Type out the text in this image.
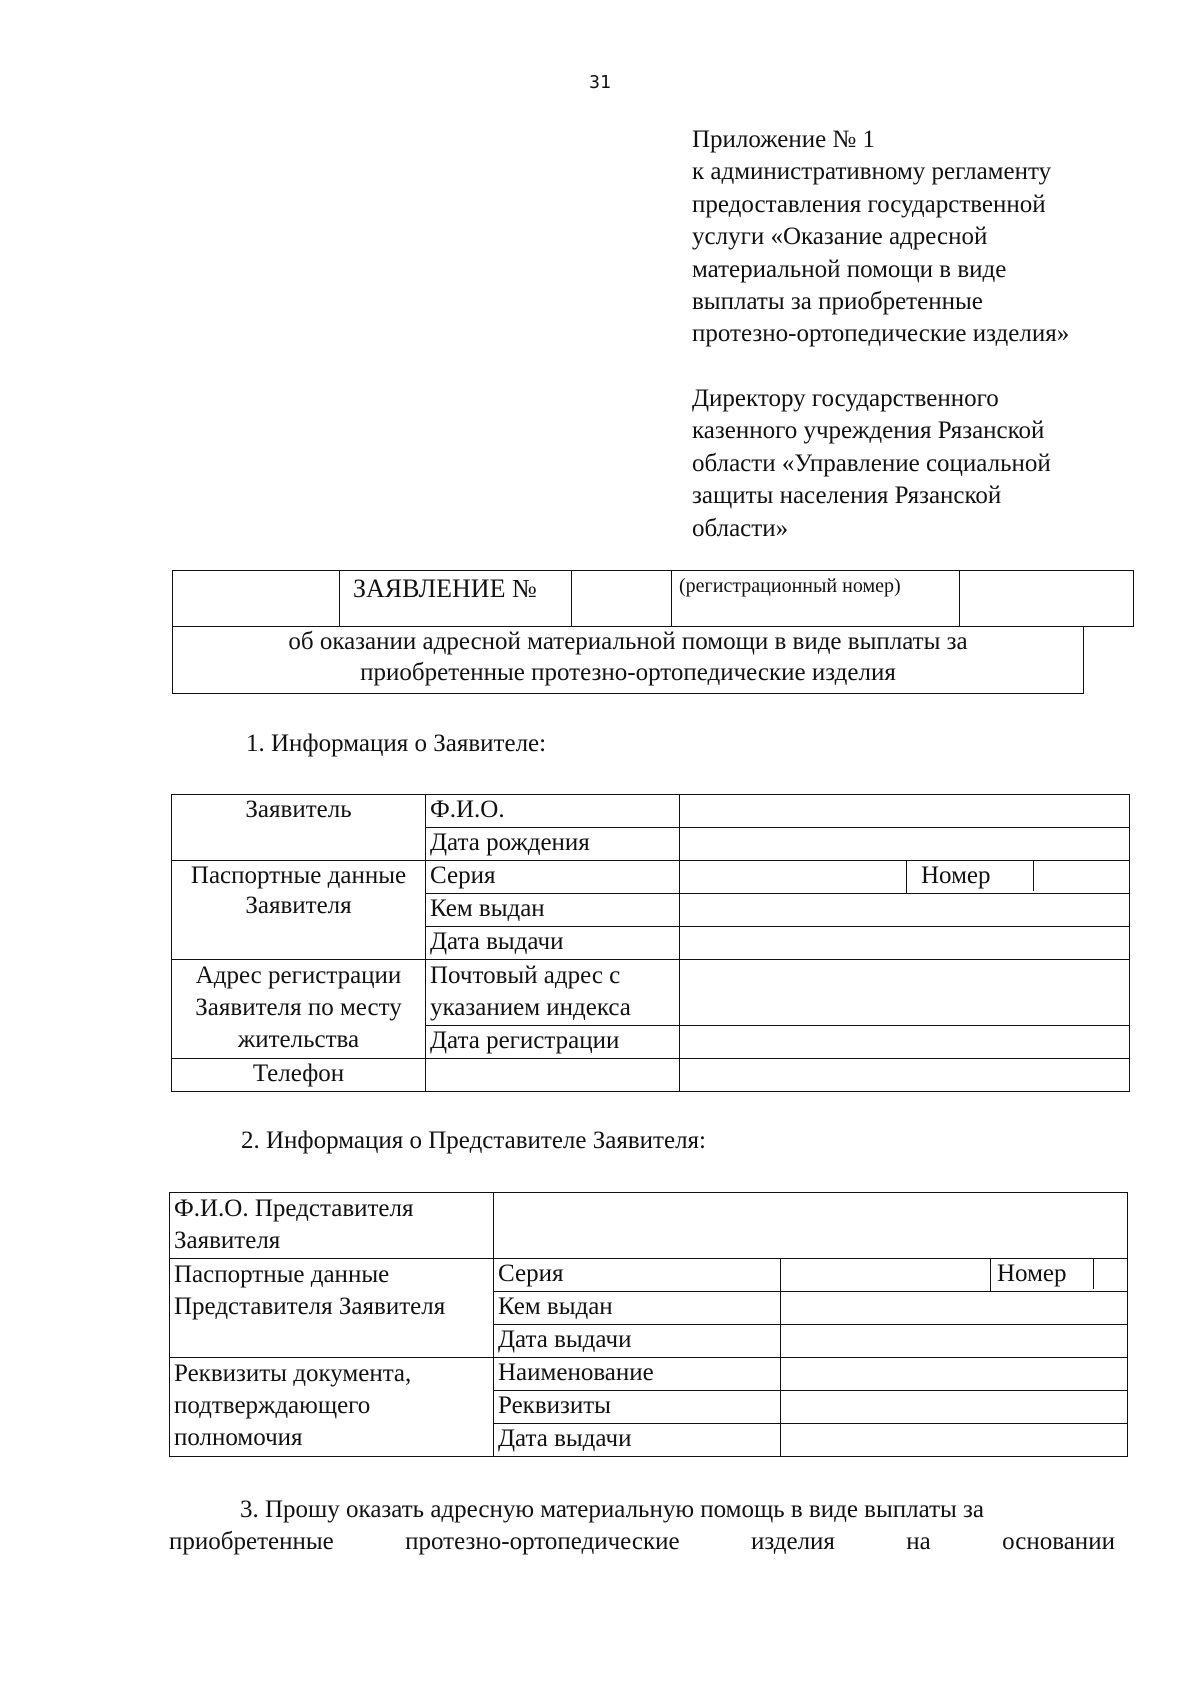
31
Приложение № 1
к административному регламенту
предоставления государственной
услуги «Оказание адресной
материальной помощи в виде
выплаты за приобретенные
протезно-ортопедические изделия»
Директору государственного
казенного учреждения Рязанской
области «Управление социальной
защиты населения Рязанской
области»
ЗАЯВЛЕНИЕ №	(регистрационный номер)
об оказании адресной материальной помощи в виде выплаты за
приобретенные протезно-ортопедические изделия
1. Информация о Заявителе:
Заявитель	Ф.И.О.		
	Дата рождения		
Паспортные данные Заявителя	Серия		Номер

	Кем выдан		
	Дата выдачи		
Адрес регистрации Заявителя по месту жительства	Почтовый адрес с указанием индекса		
	Дата регистрации		
Телефон			
2. Информация о Представителе Заявителя:
Ф.И.О. Представителя Заявителя			
Паспортные данные Представителя Заявителя	Серия		Номер

	Кем выдан		
	Дата выдачи		
Реквизиты документа, подтверждающего полномочия	Наименование		
	Реквизиты		
	Дата выдачи		
3. Прошу оказать адресную материальную помощь в виде выплаты за
приобретенные	протезно-ортопедические	изделия	на	основании
